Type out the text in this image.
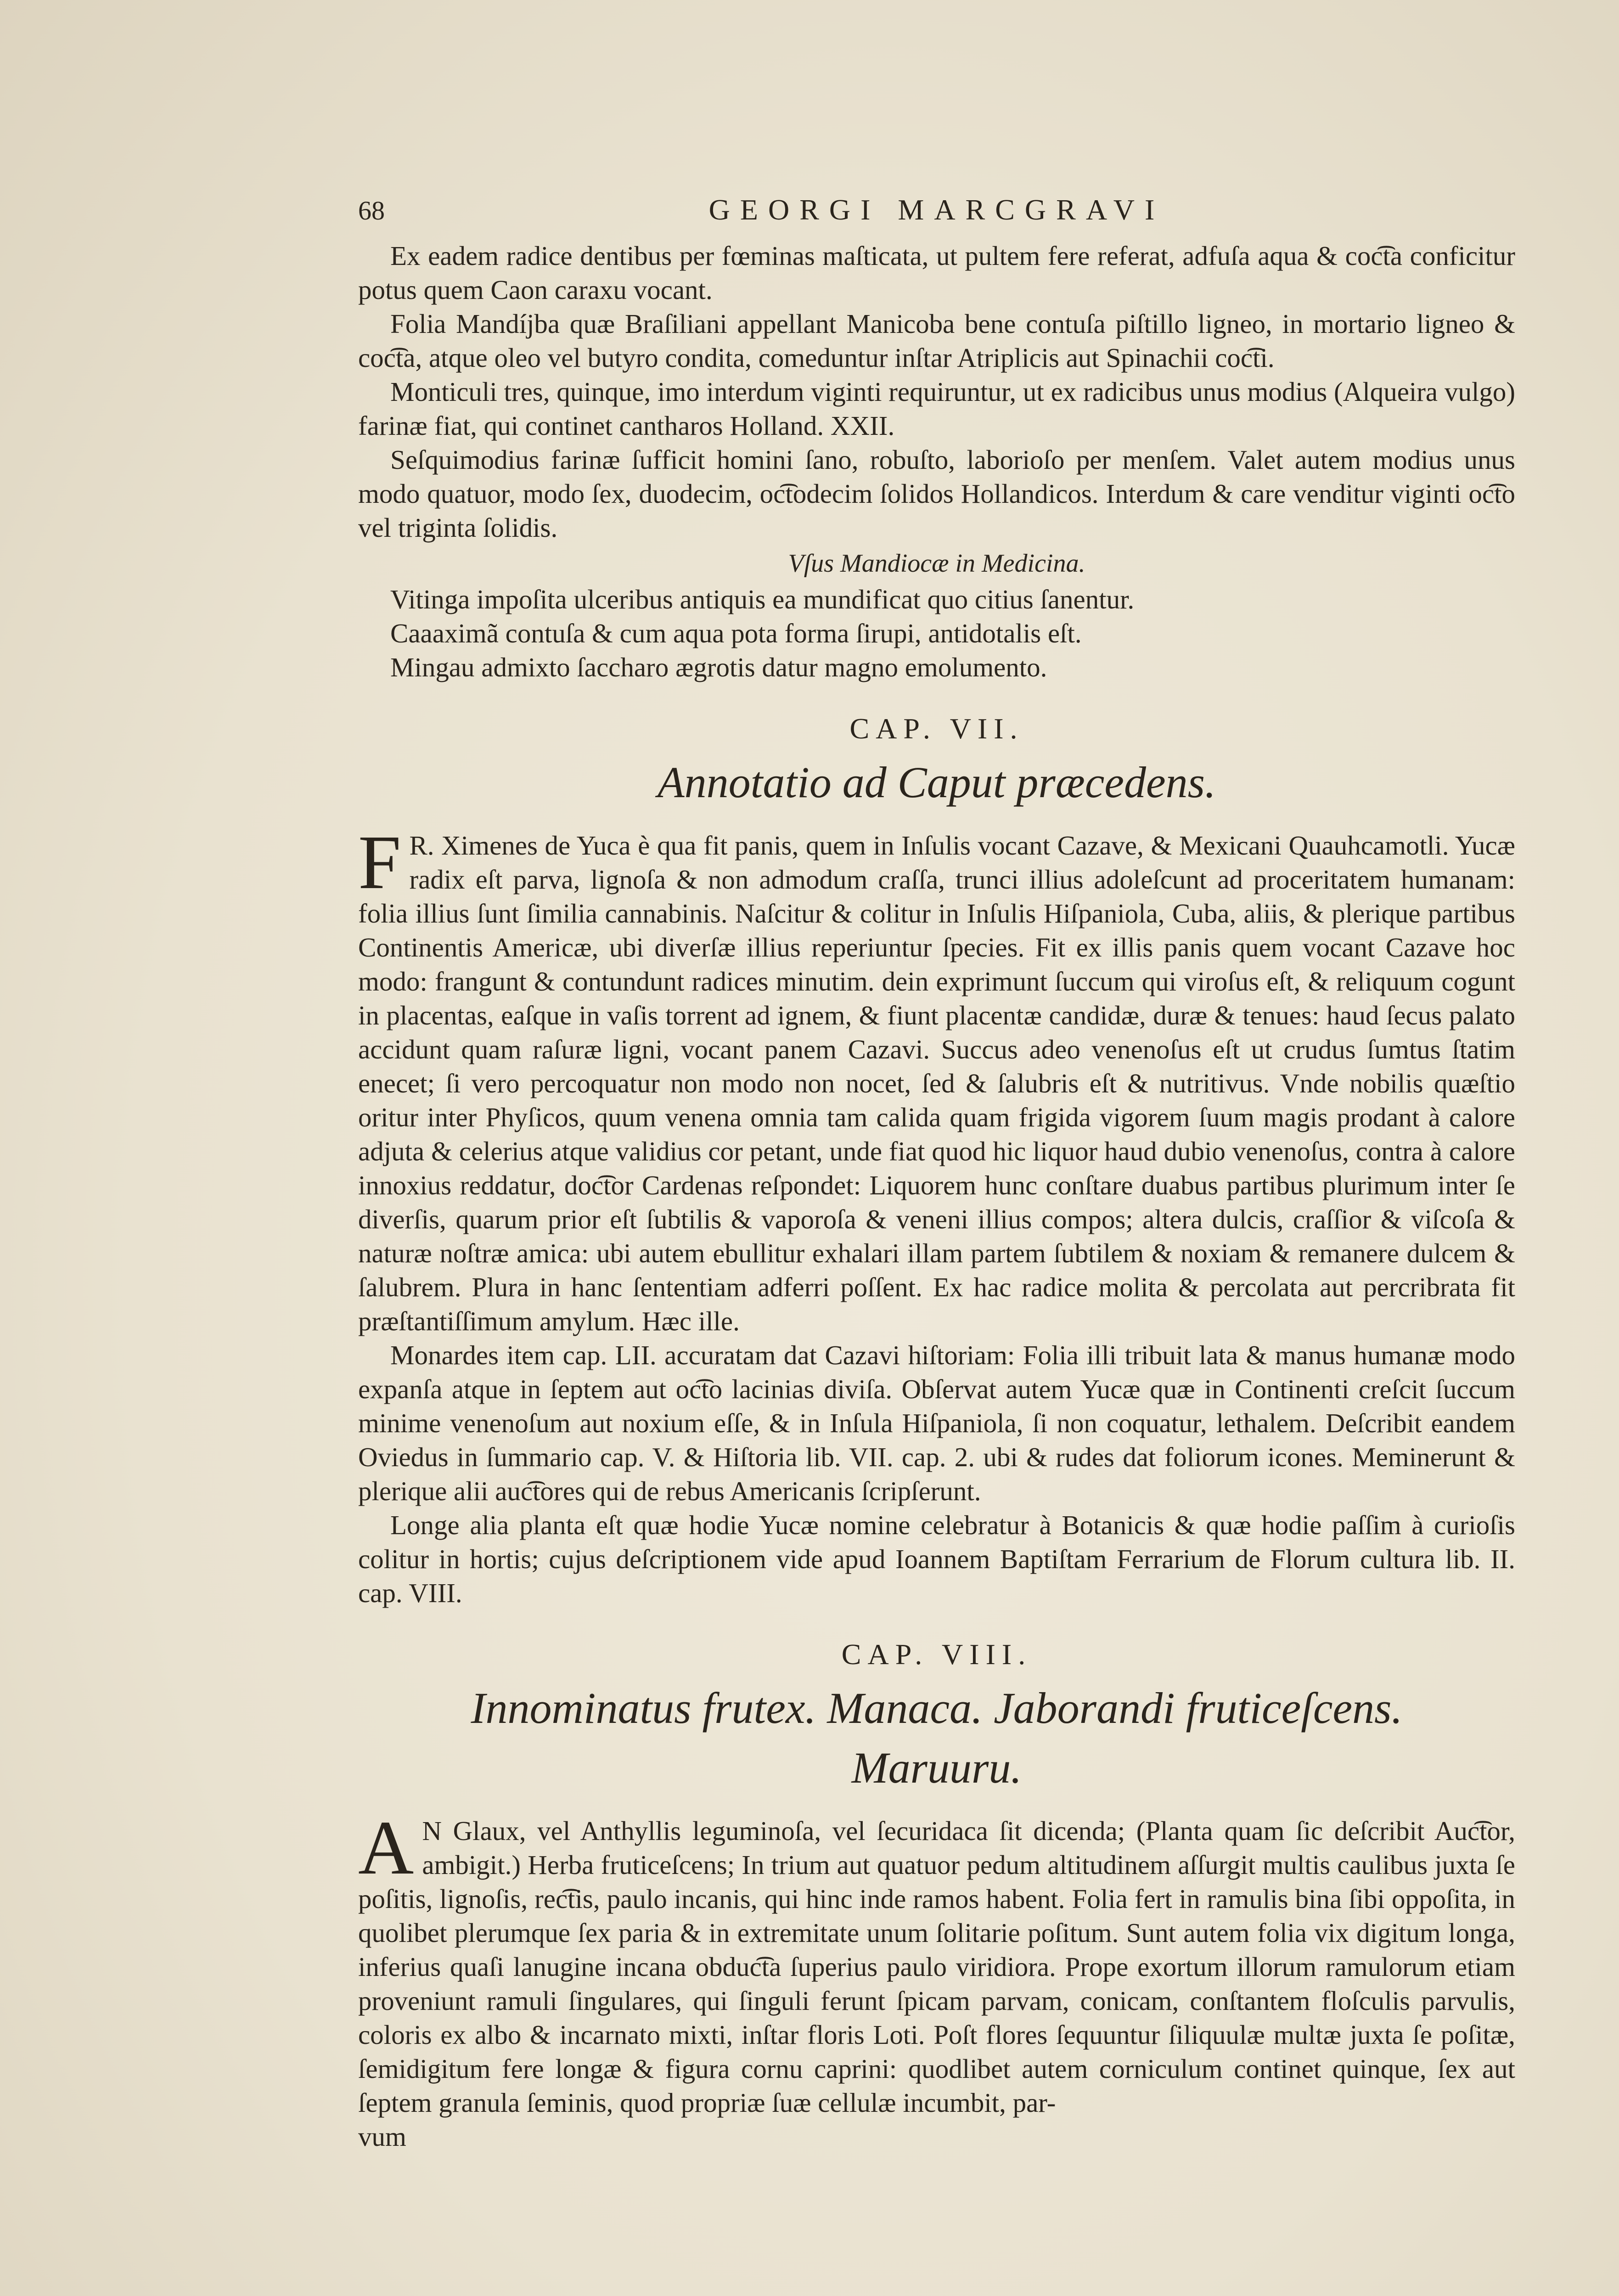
68	GEORGI MARCGRAVI

Ex eadem radice dentibus per fœminas maſticata, ut pultem fere referat, adfuſa aqua & coc͡ta conficitur potus quem Caon caraxu vocant.

Folia Mandíjba quæ Braſiliani appellant Manicoba bene contuſa piſtillo ligneo, in mortario ligneo & coc͡ta, atque oleo vel butyro condita, comeduntur inſtar Atriplicis aut Spinachii coc͡ti.

Monticuli tres, quinque, imo interdum viginti requiruntur, ut ex radicibus unus modius (Alqueira vulgo) farinæ fiat, qui continet cantharos Holland. XXII.

Seſquimodius farinæ ſufficit homini ſano, robuſto, laborioſo per menſem. Valet autem modius unus modo quatuor, modo ſex, duodecim, oc͡todecim ſolidos Hollandicos. Interdum & care venditur viginti oc͡to vel triginta ſolidis.

Vſus Mandiocæ in Medicina.

Vitinga impoſita ulceribus antiquis ea mundificat quo citius ſanentur.

Caaaximã contuſa & cum aqua pota forma ſirupi, antidotalis eſt.

Mingau admixto ſaccharo ægrotis datur magno emolumento.

CAP. VII.
Annotatio ad Caput præcedens.
F R. Ximenes de Yuca è qua fit panis, quem in Inſulis vocant Cazave, & Mexicani Quauhcamotli. Yucæ radix eſt parva, lignoſa & non admodum craſſa, trunci illius adoleſcunt ad proceritatem humanam: folia illius ſunt ſimilia cannabinis. Naſcitur & colitur in Inſulis Hiſpaniola, Cuba, aliis, & plerique partibus Continentis Americæ, ubi diverſæ illius reperiuntur ſpecies. Fit ex illis panis quem vocant Cazave hoc modo: frangunt & contundunt radices minutim. dein exprimunt ſuccum qui viroſus eſt, & reliquum cogunt in placentas, eaſque in vaſis torrent ad ignem, & fiunt placentæ candidæ, duræ & tenues: haud ſecus palato accidunt quam raſuræ ligni, vocant panem Cazavi. Succus adeo venenoſus eſt ut crudus ſumtus ſtatim enecet; ſi vero percoquatur non modo non nocet, ſed & ſalubris eſt & nutritivus. Vnde nobilis quæſtio oritur inter Phyſicos, quum venena omnia tam calida quam frigida vigorem ſuum magis prodant à calore adjuta & celerius atque validius cor petant, unde fiat quod hic liquor haud dubio venenoſus, contra à calore innoxius reddatur, doc͡tor Cardenas reſpondet: Liquorem hunc conſtare duabus partibus plurimum inter ſe diverſis, quarum prior eſt ſubtilis & vaporoſa & veneni illius compos; altera dulcis, craſſior & viſcoſa & naturæ noſtræ amica: ubi autem ebullitur exhalari illam partem ſubtilem & noxiam & remanere dulcem & ſalubrem. Plura in hanc ſententiam adferri poſſent. Ex hac radice molita & percolata aut percribrata fit præſtantiſſimum amylum. Hæc ille.

Monardes item cap. LII. accuratam dat Cazavi hiſtoriam: Folia illi tribuit lata & manus humanæ modo expanſa atque in ſeptem aut oc͡to lacinias diviſa. Obſervat autem Yucæ quæ in Continenti creſcit ſuccum minime venenoſum aut noxium eſſe, & in Inſula Hiſpaniola, ſi non coquatur, lethalem. Deſcribit eandem Oviedus in ſummario cap. V. & Hiſtoria lib. VII. cap. 2. ubi & rudes dat foliorum icones. Meminerunt & plerique alii auc͡tores qui de rebus Americanis ſcripſerunt.

Longe alia planta eſt quæ hodie Yucæ nomine celebratur à Botanicis & quæ hodie paſſim à curioſis colitur in hortis; cujus deſcriptionem vide apud Ioannem Baptiſtam Ferrarium de Florum cultura lib. II. cap. VIII.

CAP. VIII.
Innominatus frutex. Manaca. Jaborandi fruticeſcens.
Maruuru.
A N Glaux, vel Anthyllis leguminoſa, vel ſecuridaca ſit dicenda; (Planta quam ſic deſcribit Auc͡tor, ambigit.) Herba fruticeſcens; In trium aut quatuor pedum altitudinem aſſurgit multis caulibus juxta ſe poſitis, lignoſis, rec͡tis, paulo incanis, qui hinc inde ramos habent. Folia fert in ramulis bina ſibi oppoſita, in quolibet plerumque ſex paria & in extremitate unum ſolitarie poſitum. Sunt autem folia vix digitum longa, inferius quaſi lanugine incana obduc͡ta ſuperius paulo viridiora. Prope exortum illorum ramulorum etiam proveniunt ramuli ſingulares, qui ſinguli ferunt ſpicam parvam, conicam, conſtantem floſculis parvulis, coloris ex albo & incarnato mixti, inſtar floris Loti. Poſt flores ſequuntur ſiliquulæ multæ juxta ſe poſitæ, ſemidigitum fere longæ & figura cornu caprini: quodlibet autem corniculum continet quinque, ſex aut ſeptem granula ſeminis, quod propriæ ſuæ cellulæ incumbit, par-

vum
